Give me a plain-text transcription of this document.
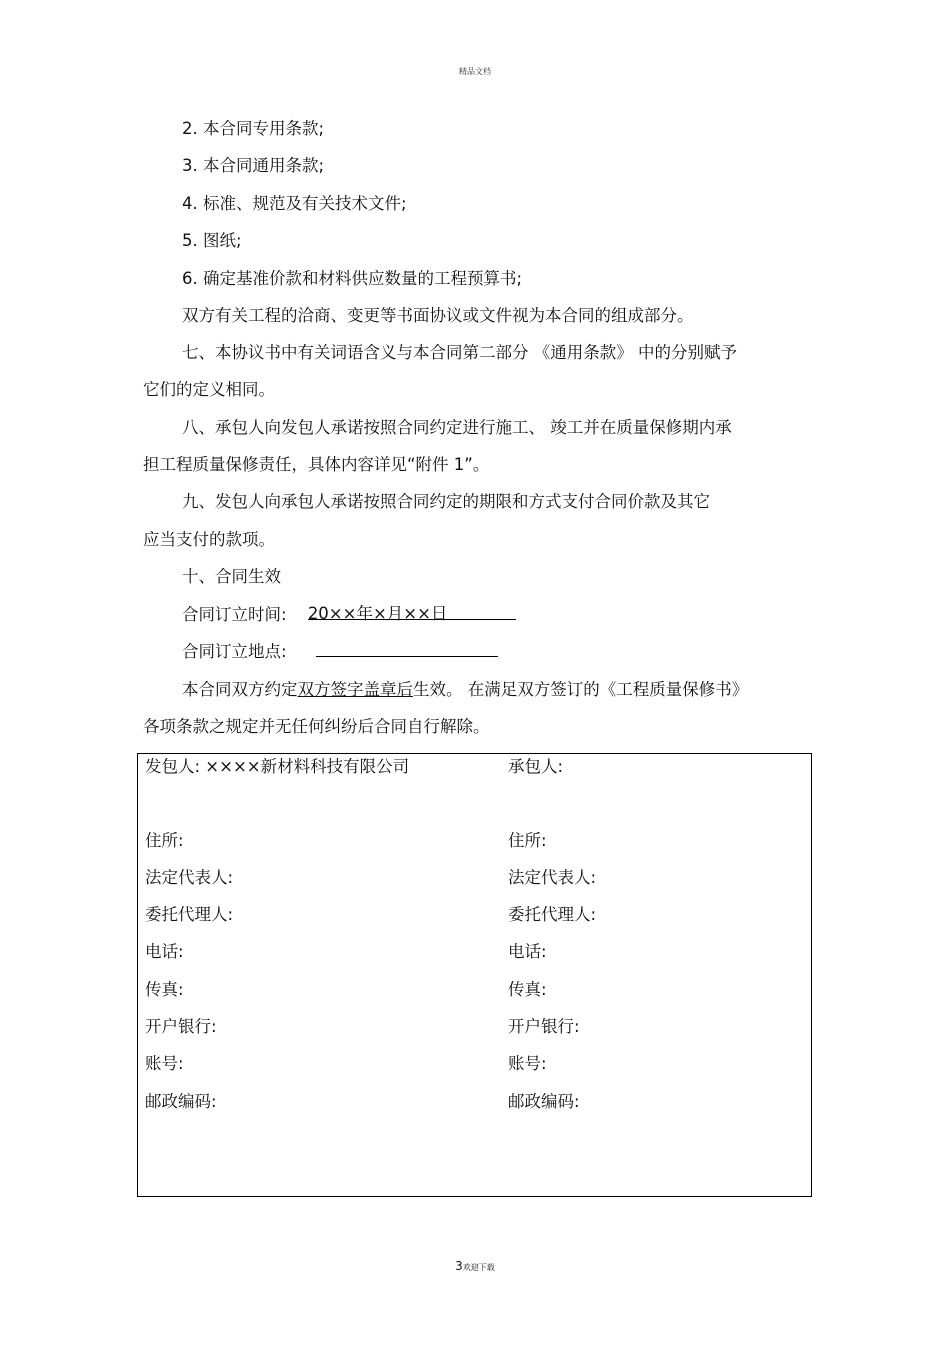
精品文档
2. 本合同专用条款;
3. 本合同通用条款;
4. 标准、规范及有关技术文件;
5. 图纸;
6. 确定基准价款和材料供应数量的工程预算书;
双方有关工程的洽商、变更等书面协议或文件视为本合同的组成部分。
七、本协议书中有关词语含义与本合同第二部分 《通用条款》 中的分别赋予
它们的定义相同。
八、承包人向发包人承诺按照合同约定进行施工、 竣工并在质量保修期内承
担工程质量保修责任，具体内容详见“附件 1”。
九、发包人向承包人承诺按照合同约定的期限和方式支付合同价款及其它
应当支付的款项。
十、合同生效
合同订立时间: 20××年×月××日
合同订立地点:
本合同双方约定双方签字盖章后生效。 在满足双方签订的《工程质量保修书》
各项条款之规定并无任何纠纷后合同自行解除。
发包人: ××××新材料科技有限公司	承包人:
住所:	住所:
法定代表人:	法定代表人:
委托代理人:	委托代理人:
电话:	电话:
传真:	传真:
开户银行:	开户银行:
账号:	账号:
邮政编码:	邮政编码:
3欢迎下载
